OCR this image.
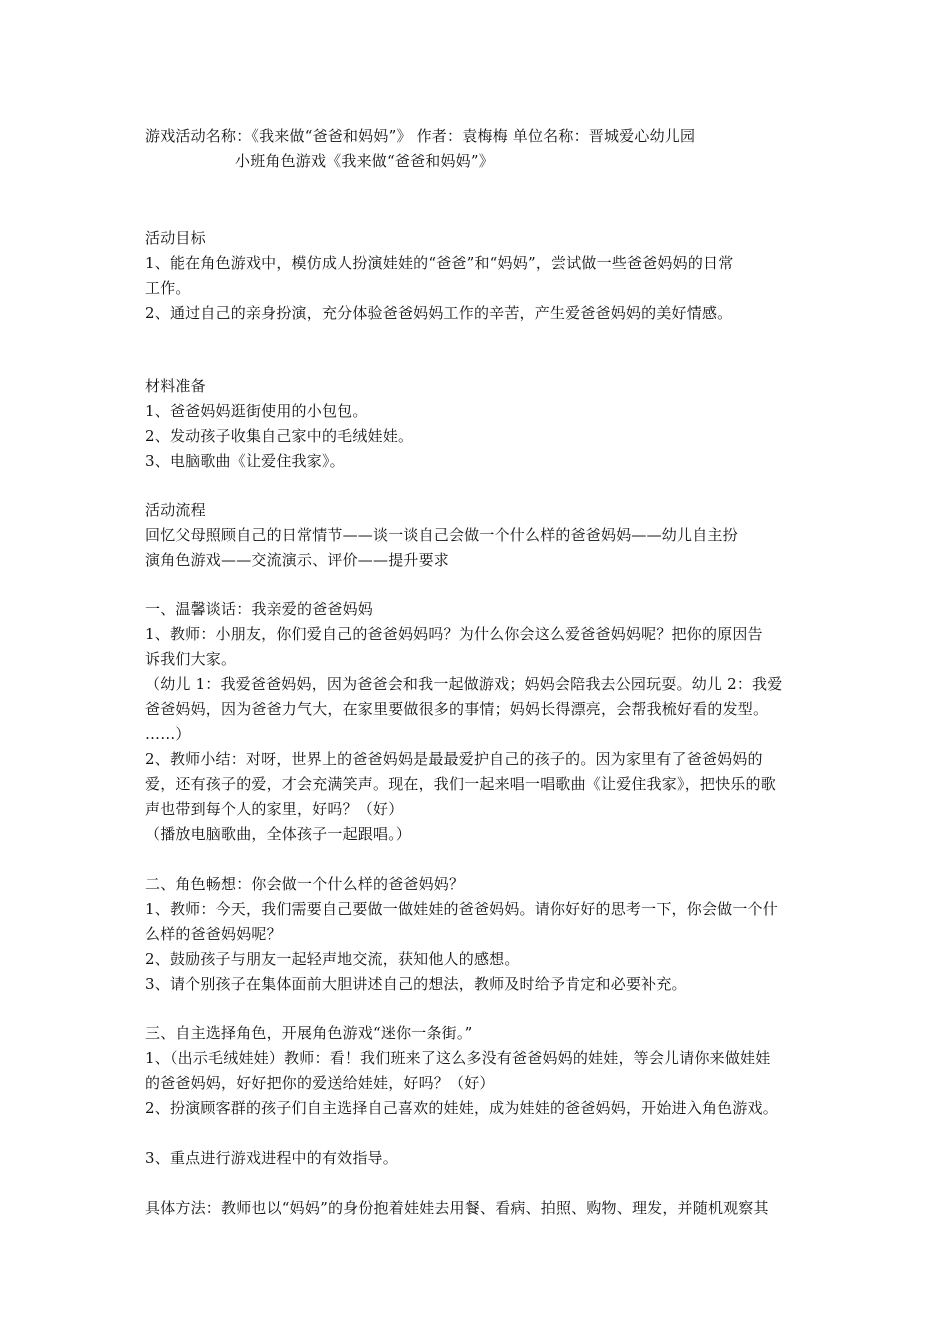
游戏活动名称：《我来做“爸爸和妈妈”》 作者：袁梅梅 单位名称：晋城爱心幼儿园
小班角色游戏《我来做“爸爸和妈妈”》
活动目标
1、能在角色游戏中，模仿成人扮演娃娃的“爸爸”和“妈妈”，尝试做一些爸爸妈妈的日常
工作。
2、通过自己的亲身扮演，充分体验爸爸妈妈工作的辛苦，产生爱爸爸妈妈的美好情感。
材料准备
1、爸爸妈妈逛街使用的小包包。
2、发动孩子收集自己家中的毛绒娃娃。
3、电脑歌曲《让爱住我家》。
活动流程
回忆父母照顾自己的日常情节——谈一谈自己会做一个什么样的爸爸妈妈——幼儿自主扮
演角色游戏——交流演示、评价——提升要求
一、温馨谈话：我亲爱的爸爸妈妈
1、教师：小朋友，你们爱自己的爸爸妈妈吗？为什么你会这么爱爸爸妈妈呢？把你的原因告
诉我们大家。
（幼儿 1：我爱爸爸妈妈，因为爸爸会和我一起做游戏；妈妈会陪我去公园玩耍。幼儿 2：我爱
爸爸妈妈，因为爸爸力气大，在家里要做很多的事情；妈妈长得漂亮，会帮我梳好看的发型。
……）
2、教师小结：对呀，世界上的爸爸妈妈是最最爱护自己的孩子的。因为家里有了爸爸妈妈的
爱，还有孩子的爱，才会充满笑声。现在，我们一起来唱一唱歌曲《让爱住我家》，把快乐的歌
声也带到每个人的家里，好吗？（好）
（播放电脑歌曲，全体孩子一起跟唱。）
二、角色畅想：你会做一个什么样的爸爸妈妈？
1、教师：今天，我们需要自己要做一做娃娃的爸爸妈妈。请你好好的思考一下，你会做一个什
么样的爸爸妈妈呢？
2、鼓励孩子与朋友一起轻声地交流，获知他人的感想。
3、请个别孩子在集体面前大胆讲述自己的想法，教师及时给予肯定和必要补充。
三、自主选择角色，开展角色游戏“迷你一条街。”
1、（出示毛绒娃娃）教师：看！我们班来了这么多没有爸爸妈妈的娃娃，等会儿请你来做娃娃
的爸爸妈妈，好好把你的爱送给娃娃，好吗？（好）
2、扮演顾客群的孩子们自主选择自己喜欢的娃娃，成为娃娃的爸爸妈妈，开始进入角色游戏。
3、重点进行游戏进程中的有效指导。
具体方法：教师也以“妈妈”的身份抱着娃娃去用餐、看病、拍照、购物、理发，并随机观察其
